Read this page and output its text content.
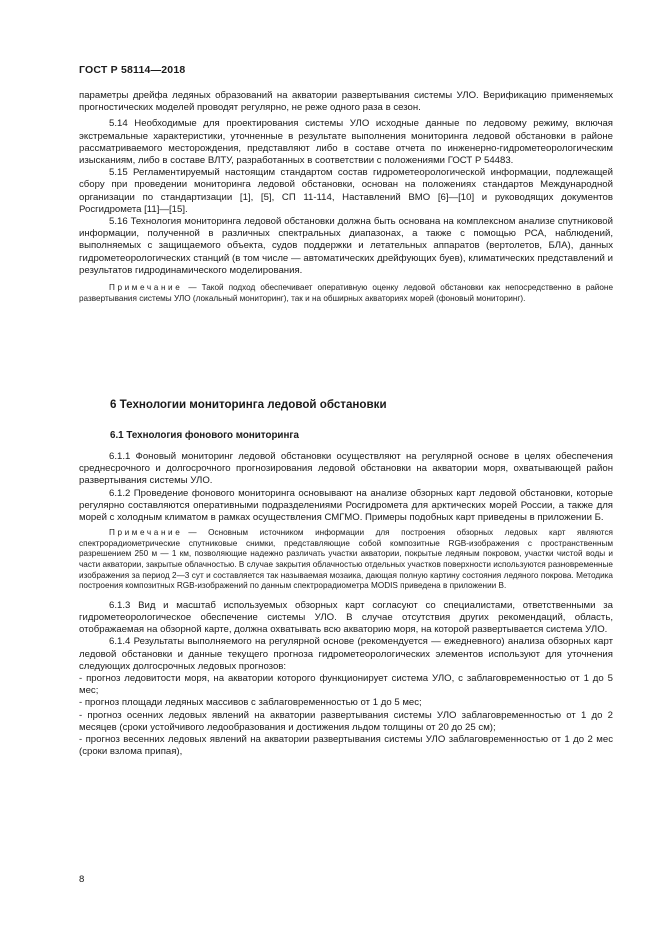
ГОСТ Р 58114—2018

параметры дрейфа ледяных образований на акватории развертывания системы УЛО. Верификацию применяемых прогностических моделей проводят регулярно, не реже одного раза в сезон.

5.14 Необходимые для проектирования системы УЛО исходные данные по ледовому режиму, включая экстремальные характеристики, уточненные в результате выполнения мониторинга ледовой обстановки в районе рассматриваемого месторождения, представляют либо в составе отчета по инженерно-гидрометеорологическим изысканиям, либо в составе ВЛТУ, разработанных в соответствии с положениями ГОСТ Р 54483.

5.15 Регламентируемый настоящим стандартом состав гидрометеорологической информации, подлежащей сбору при проведении мониторинга ледовой обстановки, основан на положениях стандартов Международной организации по стандартизации [1], [5], СП 11-114, Наставлений ВМО [6]—[10] и руководящих документов Росгидромета [11]—[15].

5.16 Технология мониторинга ледовой обстановки должна быть основана на комплексном анализе спутниковой информации, полученной в различных спектральных диапазонах, а также с помощью РСА, наблюдений, выполняемых с защищаемого объекта, судов поддержки и летательных аппаратов (вертолетов, БЛА), данных гидрометеорологических станций (в том числе — автоматических дрейфующих буев), климатических представлений и результатов гидродинамического моделирования.

Примечание — Такой подход обеспечивает оперативную оценку ледовой обстановки как непосредственно в районе развертывания системы УЛО (локальный мониторинг), так и на обширных акваториях морей (фоновый мониторинг).

6 Технологии мониторинга ледовой обстановки
6.1 Технология фонового мониторинга

6.1.1 Фоновый мониторинг ледовой обстановки осуществляют на регулярной основе в целях обеспечения среднесрочного и долгосрочного прогнозирования ледовой обстановки на акватории моря, охватывающей район развертывания системы УЛО.

6.1.2 Проведение фонового мониторинга основывают на анализе обзорных карт ледовой обстановки, которые регулярно составляются оперативными подразделениями Росгидромета для арктических морей России, а также для морей с холодным климатом в рамках осуществления СМГМО. Примеры подобных карт приведены в приложении Б.

Примечание — Основным источником информации для построения обзорных ледовых карт являются спектрорадиометрические спутниковые снимки, представляющие собой композитные RGB-изображения с пространственным разрешением 250 м — 1 км, позволяющие надежно различать участки акватории, покрытые ледяным покровом, участки чистой воды и части акватории, закрытые облачностью. В случае закрытия облачностью отдельных участков поверхности используются разновременные изображения за период 2—3 сут и составляется так называемая мозаика, дающая полную картину состояния ледяного покрова. Методика построения композитных RGB-изображений по данным спектрорадиометра MODIS приведена в приложении В.

6.1.3 Вид и масштаб используемых обзорных карт согласуют со специалистами, ответственными за гидрометеорологическое обеспечение системы УЛО. В случае отсутствия других рекомендаций, область, отображаемая на обзорной карте, должна охватывать всю акваторию моря, на которой развертывается система УЛО.

6.1.4 Результаты выполняемого на регулярной основе (рекомендуется — ежедневного) анализа обзорных карт ледовой обстановки и данные текущего прогноза гидрометеорологических элементов используют для уточнения следующих долгосрочных ледовых прогнозов:

- прогноз ледовитости моря, на акватории которого функционирует система УЛО, с заблаговременностью от 1 до 5 мес;

- прогноз площади ледяных массивов с заблаговременностью от 1 до 5 мес;

- прогноз осенних ледовых явлений на акватории развертывания системы УЛО заблаговременностью от 1 до 2 месяцев (сроки устойчивого ледообразования и достижения льдом толщины от 20 до 25 см);

- прогноз весенних ледовых явлений на акватории развертывания системы УЛО заблаговременностью от 1 до 2 мес (сроки взлома припая),

8
